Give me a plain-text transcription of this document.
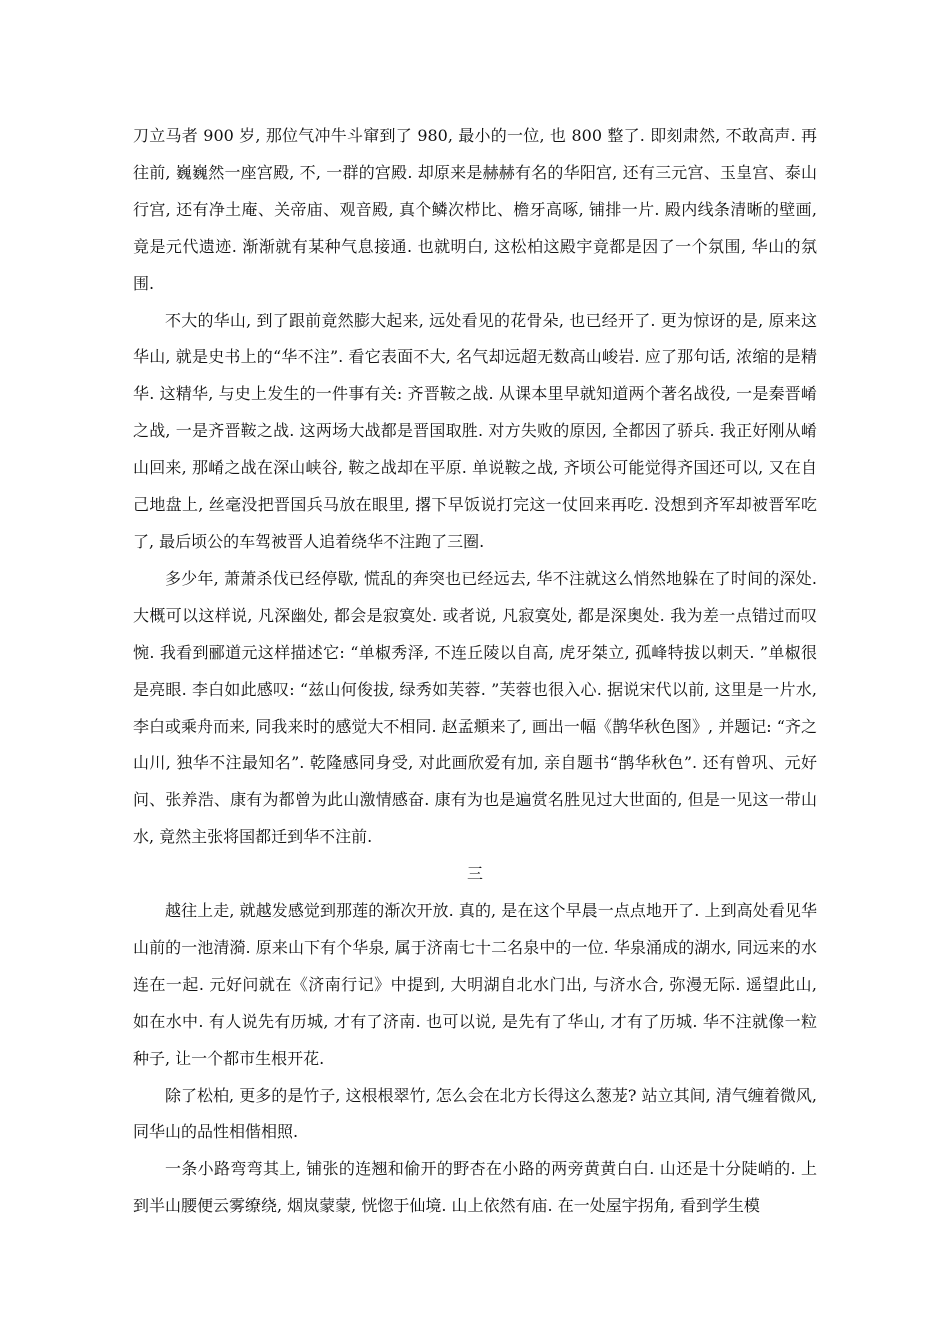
刀立马者 900 岁, 那位气冲牛斗窜到了 980, 最小的一位, 也 800 整了. 即刻肃然, 不敢高声. 再往前, 巍巍然一座宫殿, 不, 一群的宫殿. 却原来是赫赫有名的华阳宫, 还有三元宫、玉皇宫、泰山行宫, 还有净土庵、关帝庙、观音殿, 真个鳞次栉比、檐牙高啄, 铺排一片. 殿内线条清晰的壁画, 竟是元代遗迹. 渐渐就有某种气息接通. 也就明白, 这松柏这殿宇竟都是因了一个氛围, 华山的氛围.

不大的华山, 到了跟前竟然膨大起来, 远处看见的花骨朵, 也已经开了. 更为惊讶的是, 原来这华山, 就是史书上的“华不注”. 看它表面不大, 名气却远超无数高山峻岩. 应了那句话, 浓缩的是精华. 这精华, 与史上发生的一件事有关: 齐晋鞍之战. 从课本里早就知道两个著名战役, 一是秦晋崤之战, 一是齐晋鞍之战. 这两场大战都是晋国取胜. 对方失败的原因, 全都因了骄兵. 我正好刚从崤山回来, 那崤之战在深山峡谷, 鞍之战却在平原. 单说鞍之战, 齐顷公可能觉得齐国还可以, 又在自己地盘上, 丝毫没把晋国兵马放在眼里, 撂下早饭说打完这一仗回来再吃. 没想到齐军却被晋军吃了, 最后顷公的车驾被晋人追着绕华不注跑了三圈.

多少年, 萧萧杀伐已经停歇, 慌乱的奔突也已经远去, 华不注就这么悄然地躲在了时间的深处. 大概可以这样说, 凡深幽处, 都会是寂寞处. 或者说, 凡寂寞处, 都是深奥处. 我为差一点错过而叹惋. 我看到郦道元这样描述它: “单椒秀泽, 不连丘陵以自高, 虎牙桀立, 孤峰特拔以刺天. ”单椒很是亮眼. 李白如此感叹: “兹山何俊拔, 绿秀如芙蓉. ”芙蓉也很入心. 据说宋代以前, 这里是一片水, 李白或乘舟而来, 同我来时的感觉大不相同. 赵孟頫来了, 画出一幅《鹊华秋色图》, 并题记: “齐之山川, 独华不注最知名”. 乾隆感同身受, 对此画欣爱有加, 亲自题书“鹊华秋色”. 还有曾巩、元好问、张养浩、康有为都曾为此山激情感奋. 康有为也是遍赏名胜见过大世面的, 但是一见这一带山水, 竟然主张将国都迁到华不注前.

三

越往上走, 就越发感觉到那莲的渐次开放. 真的, 是在这个早晨一点点地开了. 上到高处看见华山前的一池清漪. 原来山下有个华泉, 属于济南七十二名泉中的一位. 华泉涌成的湖水, 同远来的水连在一起. 元好问就在《济南行记》中提到, 大明湖自北水门出, 与济水合, 弥漫无际. 遥望此山, 如在水中. 有人说先有历城, 才有了济南. 也可以说, 是先有了华山, 才有了历城. 华不注就像一粒种子, 让一个都市生根开花.

除了松柏, 更多的是竹子, 这根根翠竹, 怎么会在北方长得这么葱茏? 站立其间, 清气缠着微风, 同华山的品性相偕相照.

一条小路弯弯其上, 铺张的连翘和偷开的野杏在小路的两旁黄黄白白. 山还是十分陡峭的. 上到半山腰便云雾缭绕, 烟岚蒙蒙, 恍惚于仙境. 山上依然有庙. 在一处屋宇拐角, 看到学生模
